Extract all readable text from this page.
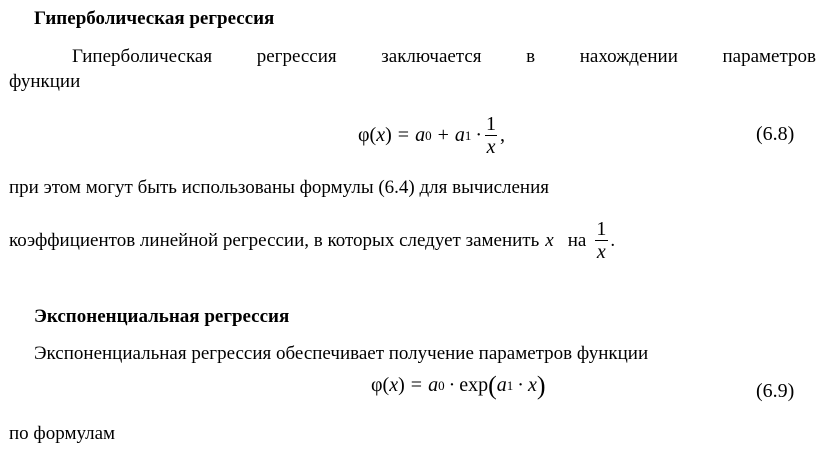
Гиперболическая регрессия
Гиперболическая регрессия заключается в нахождении параметров
функции
φ ( x ) = a 0 + a $1 \cdot \frac{1}{x}$ ,	(6.8)
при этом могут быть использованы формулы (6.4) для вычисления
коэффициентов линейной регрессии, в которых следует заменить x на $\frac{1}{x}$ .
Экспоненциальная регрессия
Экспоненциальная регрессия обеспечивает получение параметров функции
φ ( x ) = a 0 · exp ( a 1 · x )	(6.9)
по формулам
